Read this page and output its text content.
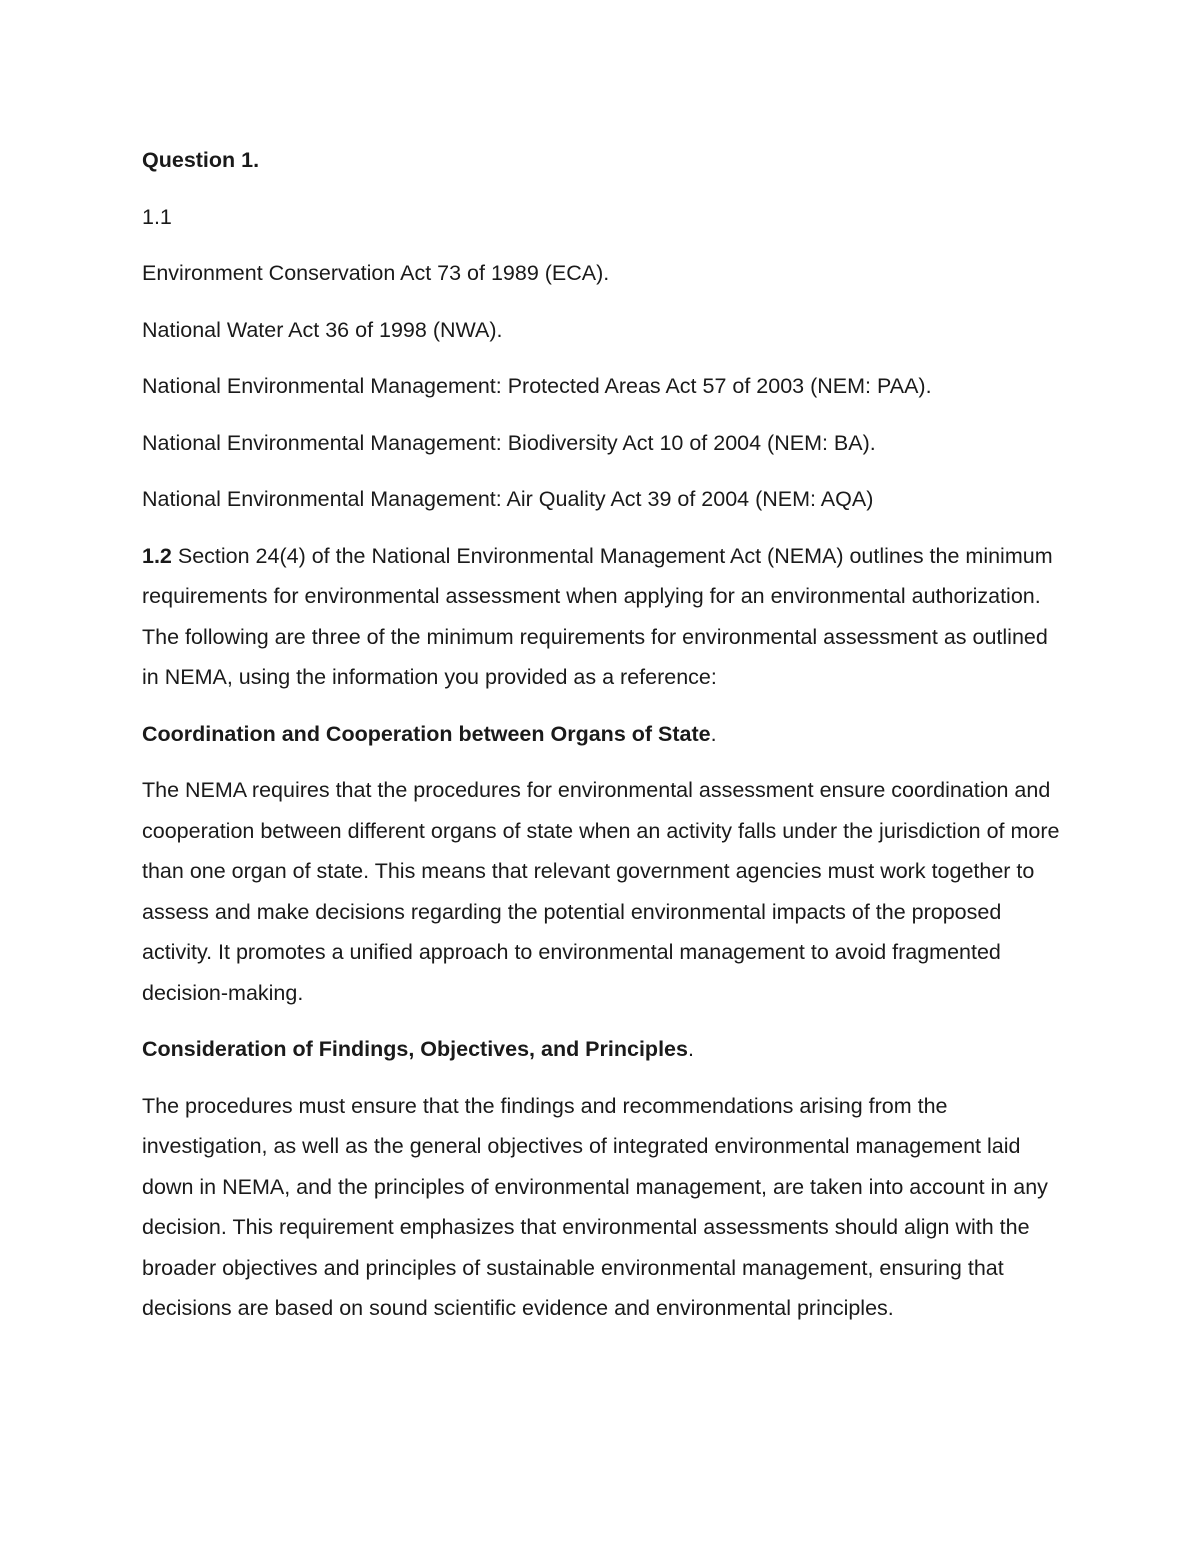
Question 1.
1.1
Environment Conservation Act 73 of 1989 (ECA).
National Water Act 36 of 1998 (NWA).
National Environmental Management: Protected Areas Act 57 of 2003 (NEM: PAA).
National Environmental Management: Biodiversity Act 10 of 2004 (NEM: BA).
National Environmental Management: Air Quality Act 39 of 2004 (NEM: AQA)
1.2 Section 24(4) of the National Environmental Management Act (NEMA) outlines the minimum requirements for environmental assessment when applying for an environmental authorization. The following are three of the minimum requirements for environmental assessment as outlined in NEMA, using the information you provided as a reference:
Coordination and Cooperation between Organs of State.
The NEMA requires that the procedures for environmental assessment ensure coordination and cooperation between different organs of state when an activity falls under the jurisdiction of more than one organ of state. This means that relevant government agencies must work together to assess and make decisions regarding the potential environmental impacts of the proposed activity. It promotes a unified approach to environmental management to avoid fragmented decision-making.
Consideration of Findings, Objectives, and Principles.
The procedures must ensure that the findings and recommendations arising from the investigation, as well as the general objectives of integrated environmental management laid down in NEMA, and the principles of environmental management, are taken into account in any decision. This requirement emphasizes that environmental assessments should align with the broader objectives and principles of sustainable environmental management, ensuring that decisions are based on sound scientific evidence and environmental principles.
